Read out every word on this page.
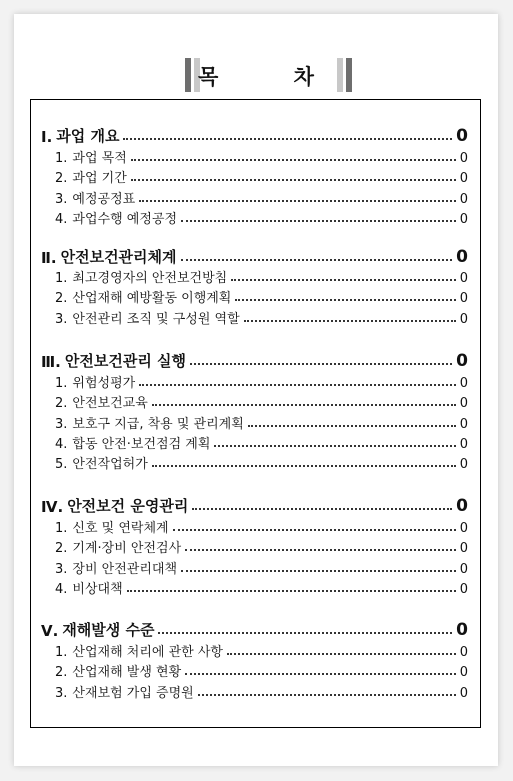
목 차
Ⅰ. 과업 개요	0
1. 과업 목적	0
2. 과업 기간	0
3. 예정공정표	0
4. 과업수행 예정공정	0
Ⅱ. 안전보건관리체계	0
1. 최고경영자의 안전보건방침	0
2. 산업재해 예방활동 이행계획	0
3. 안전관리 조직 및 구성원 역할	0
Ⅲ. 안전보건관리 실행	0
1. 위험성평가	0
2. 안전보건교육	0
3. 보호구 지급, 착용 및 관리계획	0
4. 합동 안전·보건점검 계획	0
5. 안전작업허가	0
Ⅳ. 안전보건 운영관리	0
1. 신호 및 연락체계	0
2. 기계·장비 안전검사	0
3. 장비 안전관리대책	0
4. 비상대책	0
Ⅴ. 재해발생 수준	0
1. 산업재해 처리에 관한 사항	0
2. 산업재해 발생 현황	0
3. 산재보험 가입 증명원	0
